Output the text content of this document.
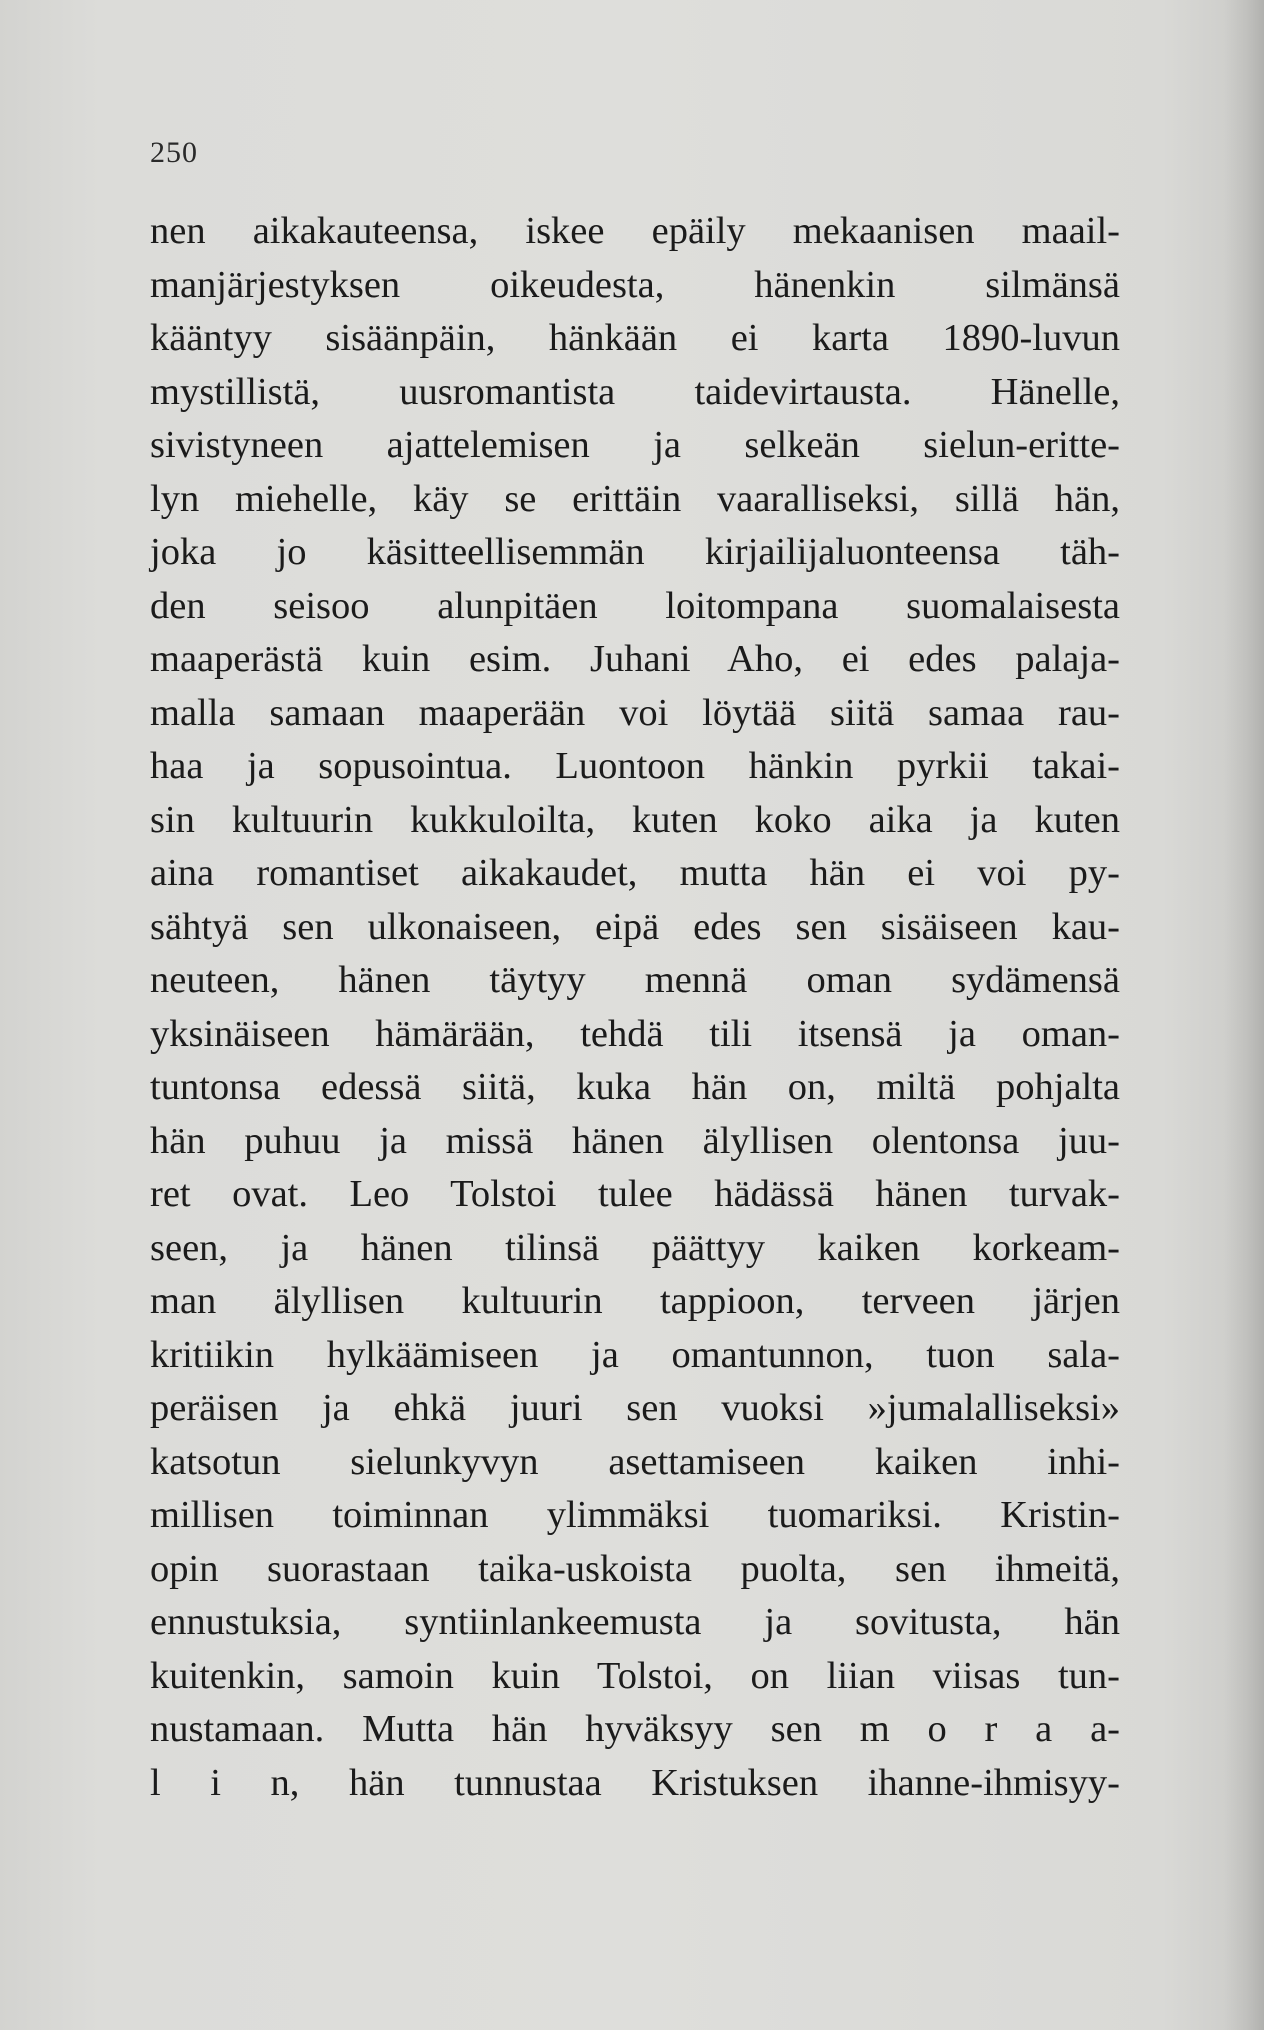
250
nen aikakauteensa, iskee epäily mekaanisen maail-
manjärjestyksen oikeudesta, hänenkin silmänsä
kääntyy sisäänpäin, hänkään ei karta 1890-luvun
mystillistä, uusromantista taidevirtausta. Hänelle,
sivistyneen ajattelemisen ja selkeän sielun-eritte-
lyn miehelle, käy se erittäin vaaralliseksi, sillä hän,
joka jo käsitteellisemmän kirjailijaluonteensa täh-
den seisoo alunpitäen loitompana suomalaisesta
maaperästä kuin esim. Juhani Aho, ei edes palaja-
malla samaan maaperään voi löytää siitä samaa rau-
haa ja sopusointua. Luontoon hänkin pyrkii takai-
sin kultuurin kukkuloilta, kuten koko aika ja kuten
aina romantiset aikakaudet, mutta hän ei voi py-
sähtyä sen ulkonaiseen, eipä edes sen sisäiseen kau-
neuteen, hänen täytyy mennä oman sydämensä
yksinäiseen hämärään, tehdä tili itsensä ja oman-
tuntonsa edessä siitä, kuka hän on, miltä pohjalta
hän puhuu ja missä hänen älyllisen olentonsa juu-
ret ovat. Leo Tolstoi tulee hädässä hänen turvak-
seen, ja hänen tilinsä päättyy kaiken korkeam-
man älyllisen kultuurin tappioon, terveen järjen
kritiikin hylkäämiseen ja omantunnon, tuon sala-
peräisen ja ehkä juuri sen vuoksi »jumalalliseksi»
katsotun sielunkyvyn asettamiseen kaiken inhi-
millisen toiminnan ylimmäksi tuomariksi. Kristin-
opin suorastaan taika-uskoista puolta, sen ihmeitä,
ennustuksia, syntiinlankeemusta ja sovitusta, hän
kuitenkin, samoin kuin Tolstoi, on liian viisas tun-
nustamaan. Mutta hän hyväksyy sen m o r a a-
l i n, hän tunnustaa Kristuksen ihanne-ihmisyy-
